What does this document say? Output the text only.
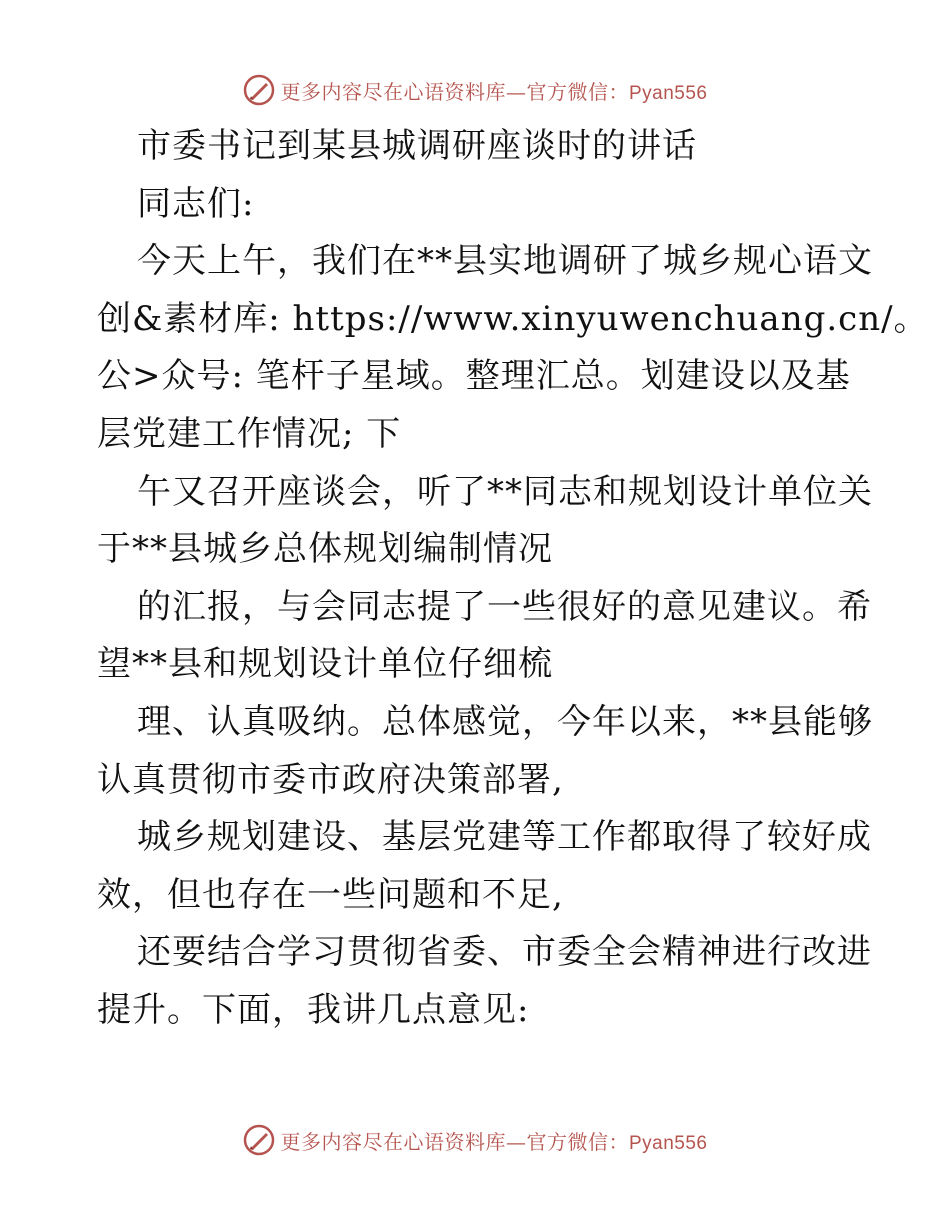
更多内容尽在心语资料库—官方微信：Pyan556

市委书记到某县城调研座谈时的讲话

同志们:

今天上午，我们在**县实地调研了城乡规心语文

创&素材库: https://www.xinyuwenchuang.cn/。

公>众号: 笔杆子星域。整理汇总。划建设以及基

层党建工作情况; 下

午又召开座谈会，听了**同志和规划设计单位关

于**县城乡总体规划编制情况

的汇报，与会同志提了一些很好的意见建议。希

望**县和规划设计单位仔细梳

理、认真吸纳。总体感觉，今年以来，**县能够

认真贯彻市委市政府决策部署,

城乡规划建设、基层党建等工作都取得了较好成

效，但也存在一些问题和不足,

还要结合学习贯彻省委、市委全会精神进行改进

提升。下面，我讲几点意见:

更多内容尽在心语资料库—官方微信：Pyan556
